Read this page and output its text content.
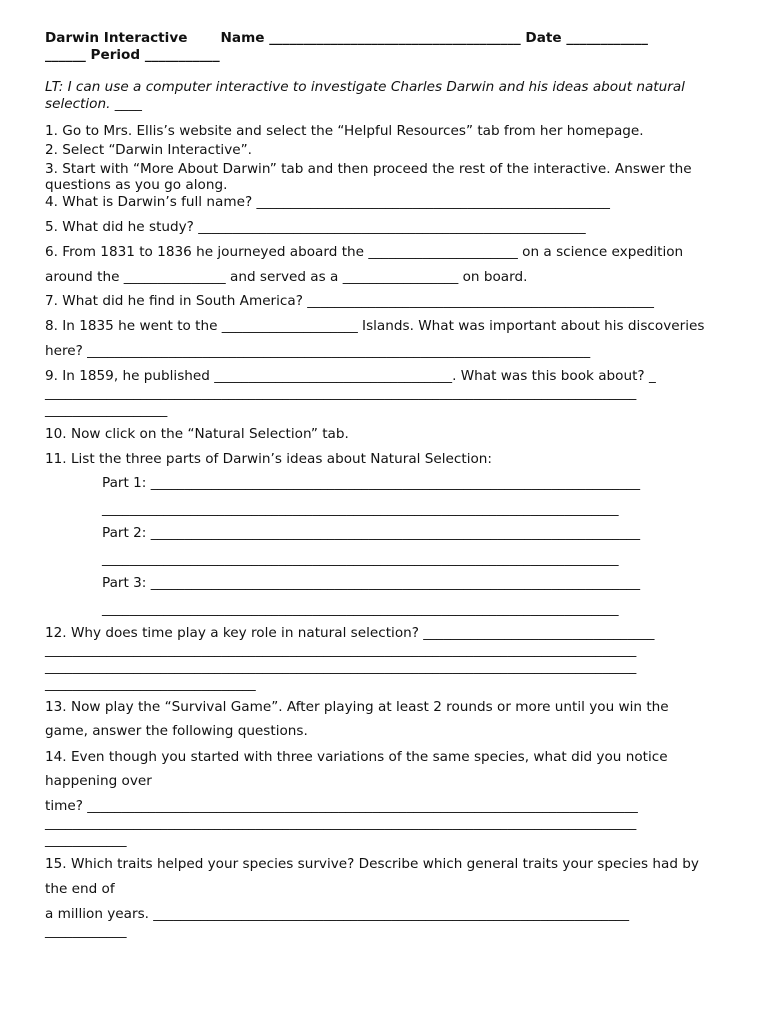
Darwin Interactive       Name _____________________________________ Date ____________

______ Period ___________

LT: I can use a computer interactive to investigate Charles Darwin and his ideas about natural

selection. ____

1. Go to Mrs. Ellis’s website and select the “Helpful Resources” tab from her homepage.

2. Select “Darwin Interactive”.

3. Start with “More About Darwin” tab and then proceed the rest of the interactive. Answer the

questions as you go along.

4. What is Darwin’s full name? ____________________________________________________

5. What did he study? _________________________________________________________

6. From 1831 to 1836 he journeyed aboard the ______________________ on a science expedition

around the _______________ and served as a _________________ on board.

7. What did he find in South America? ___________________________________________________

8. In 1835 he went to the ____________________ Islands. What was important about his discoveries

here? __________________________________________________________________________

9. In 1859, he published ___________________________________. What was this book about? _

_______________________________________________________________________________________

__________________

10. Now click on the “Natural Selection” tab.

11. List the three parts of Darwin’s ideas about Natural Selection:

Part 1: ________________________________________________________________________

____________________________________________________________________________

Part 2: ________________________________________________________________________

____________________________________________________________________________

Part 3: ________________________________________________________________________

____________________________________________________________________________

12. Why does time play a key role in natural selection? __________________________________

_______________________________________________________________________________________

_______________________________________________________________________________________

_______________________________

13. Now play the “Survival Game”. After playing at least 2 rounds or more until you win the

game, answer the following questions.

14. Even though you started with three variations of the same species, what did you notice

happening over

time? _________________________________________________________________________________

_______________________________________________________________________________________

____________

15. Which traits helped your species survive? Describe which general traits your species had by

the end of

a million years. ______________________________________________________________________

____________
